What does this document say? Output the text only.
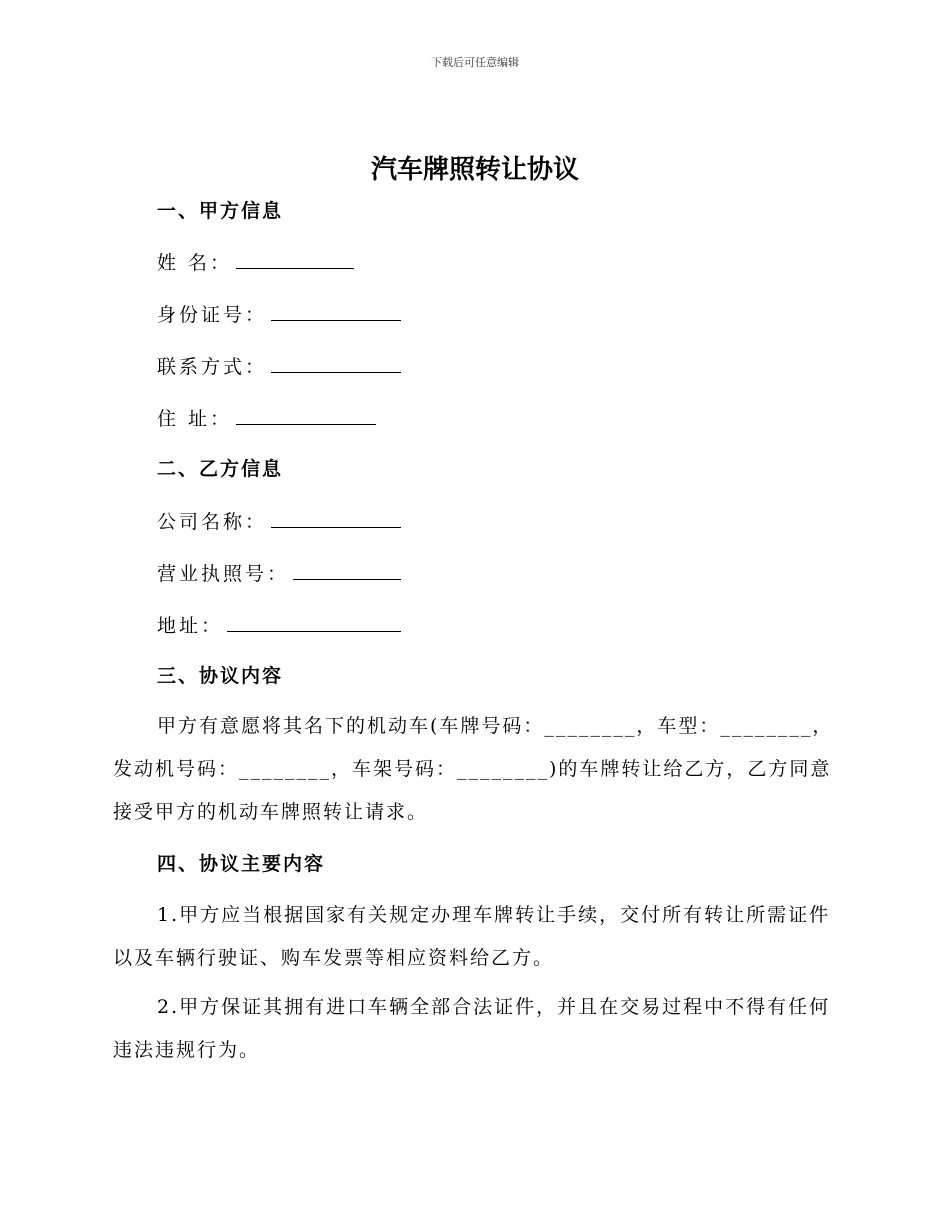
下载后可任意编辑
汽车牌照转让协议
一、甲方信息
姓 名：
身份证号：
联系方式：
住 址：
二、乙方信息
公司名称：
营业执照号：
地址：
三、协议内容

甲方有意愿将其名下的机动车(车牌号码：________，车型：________，发动机号码：________，车架号码：________)的车牌转让给乙方，乙方同意接受甲方的机动车牌照转让请求。

四、协议主要内容

1.甲方应当根据国家有关规定办理车牌转让手续，交付所有转让所需证件以及车辆行驶证、购车发票等相应资料给乙方。

2.甲方保证其拥有进口车辆全部合法证件，并且在交易过程中不得有任何违法违规行为。
